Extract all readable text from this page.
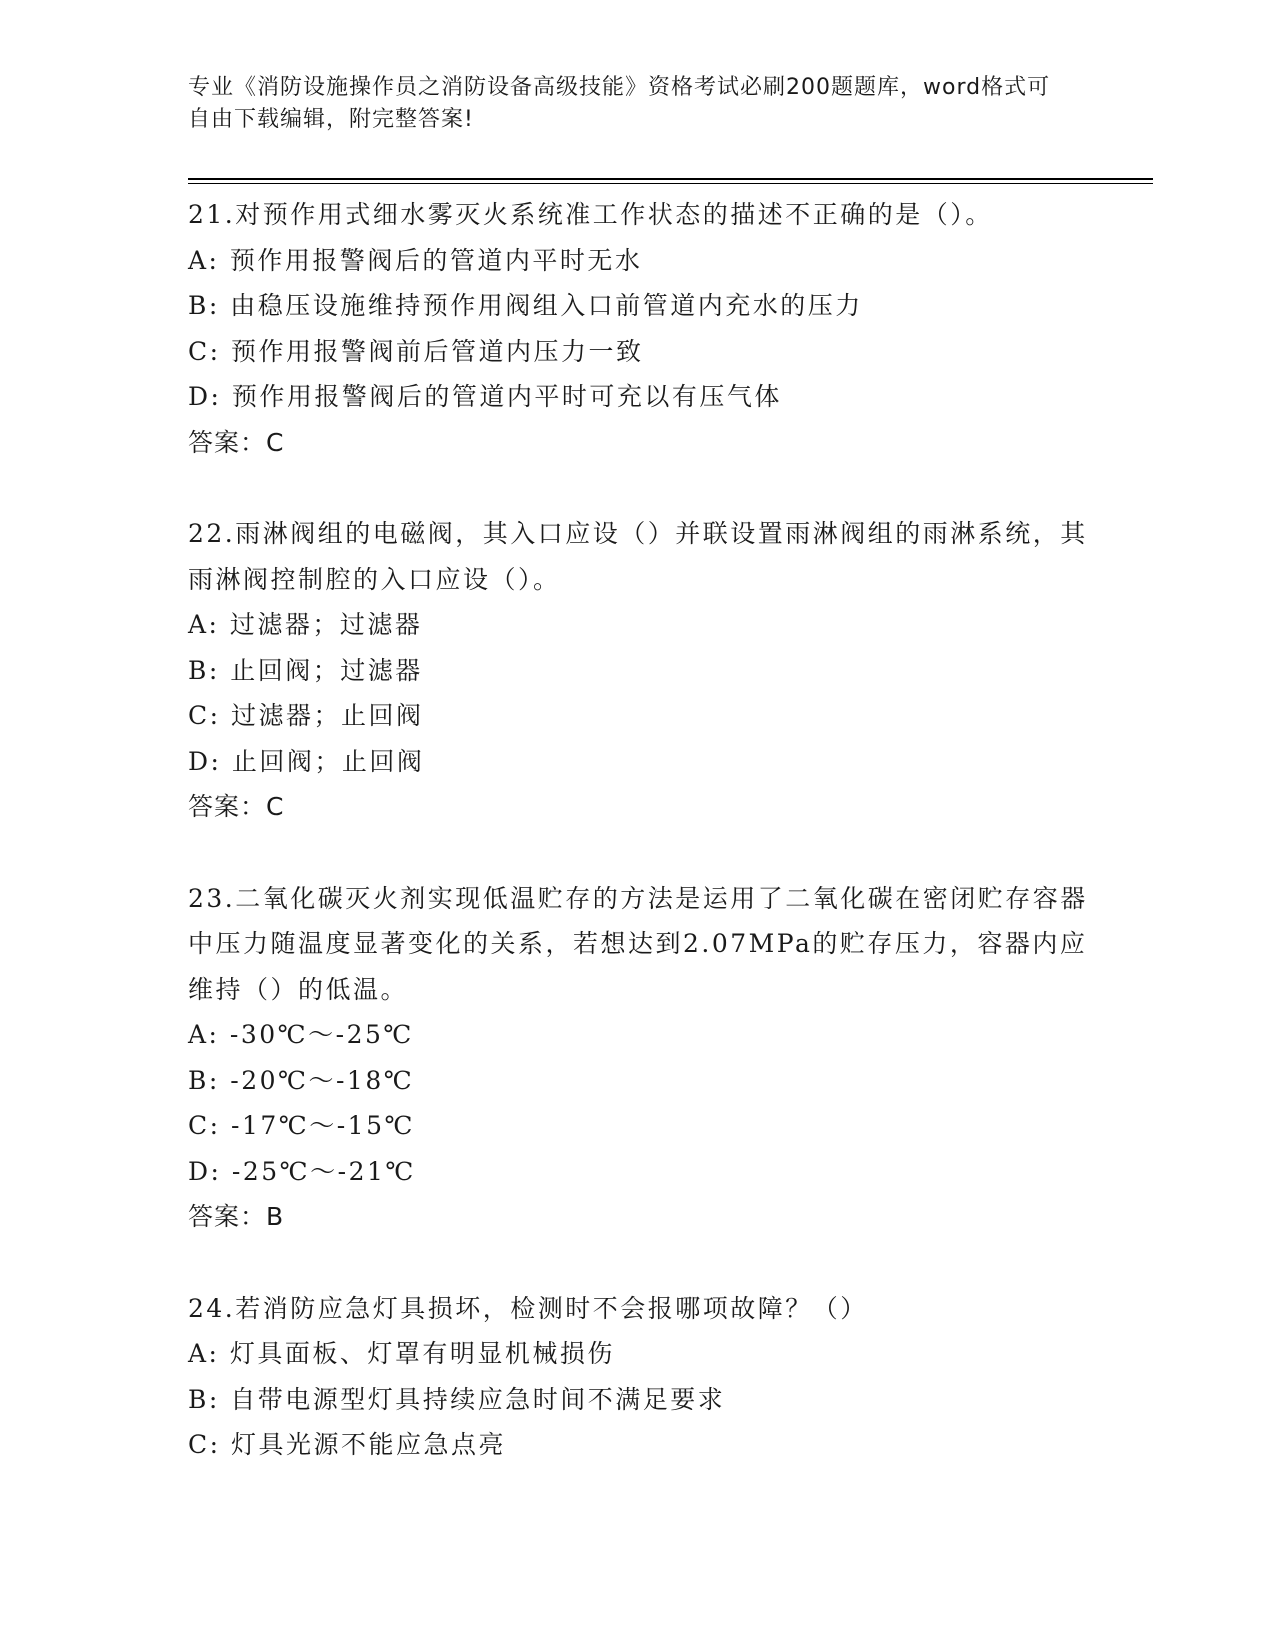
专业《消防设施操作员之消防设备高级技能》资格考试必刷200题题库，word格式可自由下载编辑，附完整答案!
21.对预作用式细水雾灭火系统准工作状态的描述不正确的是（）。
A: 预作用报警阀后的管道内平时无水
B: 由稳压设施维持预作用阀组入口前管道内充水的压力
C: 预作用报警阀前后管道内压力一致
D: 预作用报警阀后的管道内平时可充以有压气体
答案：C
22.雨淋阀组的电磁阀，其入口应设（）并联设置雨淋阀组的雨淋系统，其雨淋阀控制腔的入口应设（）。
A: 过滤器；过滤器
B: 止回阀；过滤器
C: 过滤器；止回阀
D: 止回阀；止回阀
答案：C
23.二氧化碳灭火剂实现低温贮存的方法是运用了二氧化碳在密闭贮存容器中压力随温度显著变化的关系，若想达到2.07MPa的贮存压力，容器内应维持（）的低温。
A: -30℃～-25℃
B: -20℃～-18℃
C: -17℃～-15℃
D: -25℃～-21℃
答案：B
24.若消防应急灯具损坏，检测时不会报哪项故障？（）
A: 灯具面板、灯罩有明显机械损伤
B: 自带电源型灯具持续应急时间不满足要求
C: 灯具光源不能应急点亮
